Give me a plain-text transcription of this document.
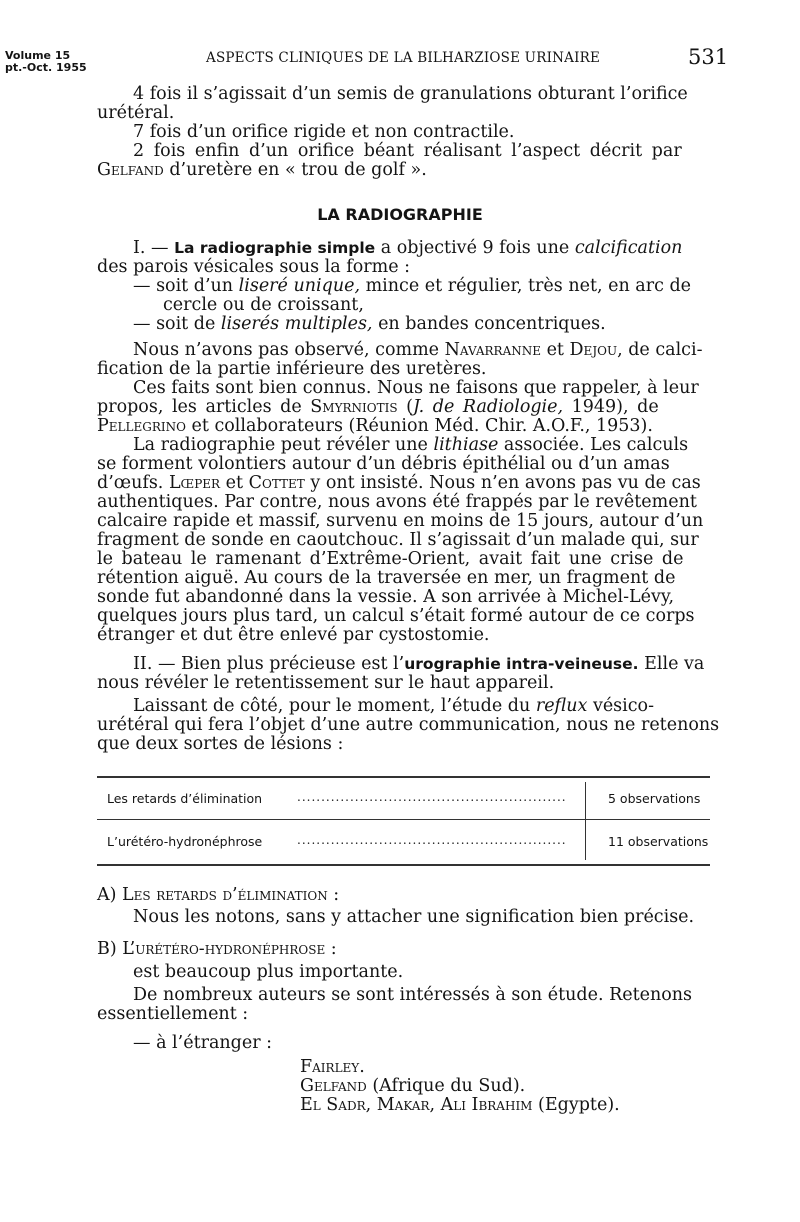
Volume 15
pt.-Oct. 1955
ASPECTS CLINIQUES DE LA BILHARZIOSE URINAIRE	531
4 fois il s’agissait d’un semis de granulations obturant l’orifice
urétéral.
7 fois d’un orifice rigide et non contractile.
2 fois enfin d’un orifice béant réalisant l’aspect décrit par
Gelfand d’uretère en « trou de golf ».
LA RADIOGRAPHIE
I. — La radiographie simple a objectivé 9 fois une calcification
des parois vésicales sous la forme :
— soit d’un liseré unique, mince et régulier, très net, en arc de
cercle ou de croissant,
— soit de liserés multiples, en bandes concentriques.
Nous n’avons pas observé, comme Navarranne et Dejou, de calci-
fication de la partie inférieure des uretères.
Ces faits sont bien connus. Nous ne faisons que rappeler, à leur
propos, les articles de Smyrniotis (J. de Radiologie, 1949), de
Pellegrino et collaborateurs (Réunion Méd. Chir. A.O.F., 1953).
La radiographie peut révéler une lithiase associée. Les calculs
se forment volontiers autour d’un débris épithélial ou d’un amas
d’œufs. Lœper et Cottet y ont insisté. Nous n’en avons pas vu de cas
authentiques. Par contre, nous avons été frappés par le revêtement
calcaire rapide et massif, survenu en moins de 15 jours, autour d’un
fragment de sonde en caoutchouc. Il s’agissait d’un malade qui, sur
le bateau le ramenant d’Extrême-Orient, avait fait une crise de
rétention aiguë. Au cours de la traversée en mer, un fragment de
sonde fut abandonné dans la vessie. A son arrivée à Michel-Lévy,
quelques jours plus tard, un calcul s’était formé autour de ce corps
étranger et dut être enlevé par cystostomie.
II. — Bien plus précieuse est l’urographie intra-veineuse. Elle va
nous révéler le retentissement sur le haut appareil.
Laissant de côté, pour le moment, l’étude du reflux vésico-
urétéral qui fera l’objet d’une autre communication, nous ne retenons
que deux sortes de lésions :
Les retards d’élimination	........................................................	5 observations
L’urétéro-hydronéphrose	........................................................	11 observations
A) Les retards d’élimination :
Nous les notons, sans y attacher une signification bien précise.
B) L’urétéro-hydronéphrose :
est beaucoup plus importante.
De nombreux auteurs se sont intéressés à son étude. Retenons
essentiellement :
— à l’étranger :
Fairley.
Gelfand (Afrique du Sud).
El Sadr, Makar, Ali Ibrahim (Egypte).
